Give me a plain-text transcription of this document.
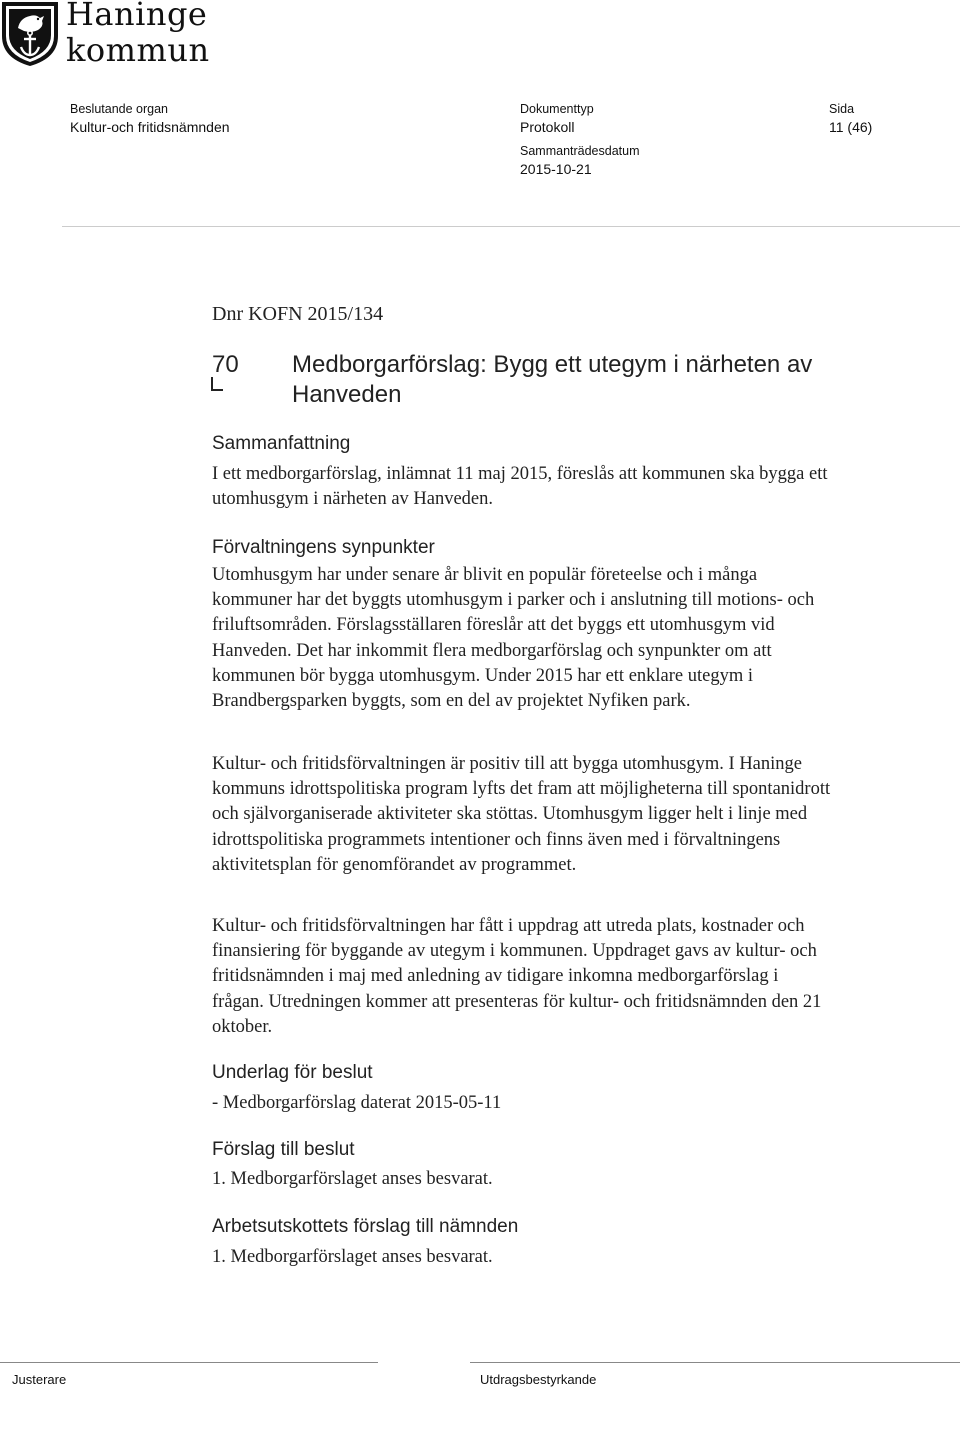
Haninge
kommun
Beslutande organ
Kultur-och fritidsnämnden
Dokumenttyp
Protokoll
Sida
11 (46)
Sammanträdesdatum
2015-10-21
Dnr KOFN 2015/134
70 Medborgarförslag: Bygg ett utegym i närheten av Hanveden
Sammanfattning
I ett medborgarförslag, inlämnat 11 maj 2015, föreslås att kommunen ska bygga ett utomhusgym i närheten av Hanveden.
Förvaltningens synpunkter
Utomhusgym har under senare år blivit en populär företeelse och i många kommuner har det byggts utomhusgym i parker och i anslutning till motions- och friluftsområden. Förslagsställaren föreslår att det byggs ett utomhusgym vid Hanveden. Det har inkommit flera medborgarförslag och synpunkter om att kommunen bör bygga utomhusgym. Under 2015 har ett enklare utegym i Brandbergsparken byggts, som en del av projektet Nyfiken park.
Kultur- och fritidsförvaltningen är positiv till att bygga utomhusgym. I Haninge kommuns idrottspolitiska program lyfts det fram att möjligheterna till spontanidrott och självorganiserade aktiviteter ska stöttas. Utomhusgym ligger helt i linje med idrottspolitiska programmets intentioner och finns även med i förvaltningens aktivitetsplan för genomförandet av programmet.
Kultur- och fritidsförvaltningen har fått i uppdrag att utreda plats, kostnader och finansiering för byggande av utegym i kommunen. Uppdraget gavs av kultur- och fritidsnämnden i maj med anledning av tidigare inkomna medborgarförslag i frågan. Utredningen kommer att presenteras för kultur- och fritidsnämnden den 21 oktober.
Underlag för beslut
- Medborgarförslag daterat 2015-05-11
Förslag till beslut
1. Medborgarförslaget anses besvarat.
Arbetsutskottets förslag till nämnden
1. Medborgarförslaget anses besvarat.
Justerare	Utdragsbestyrkande
